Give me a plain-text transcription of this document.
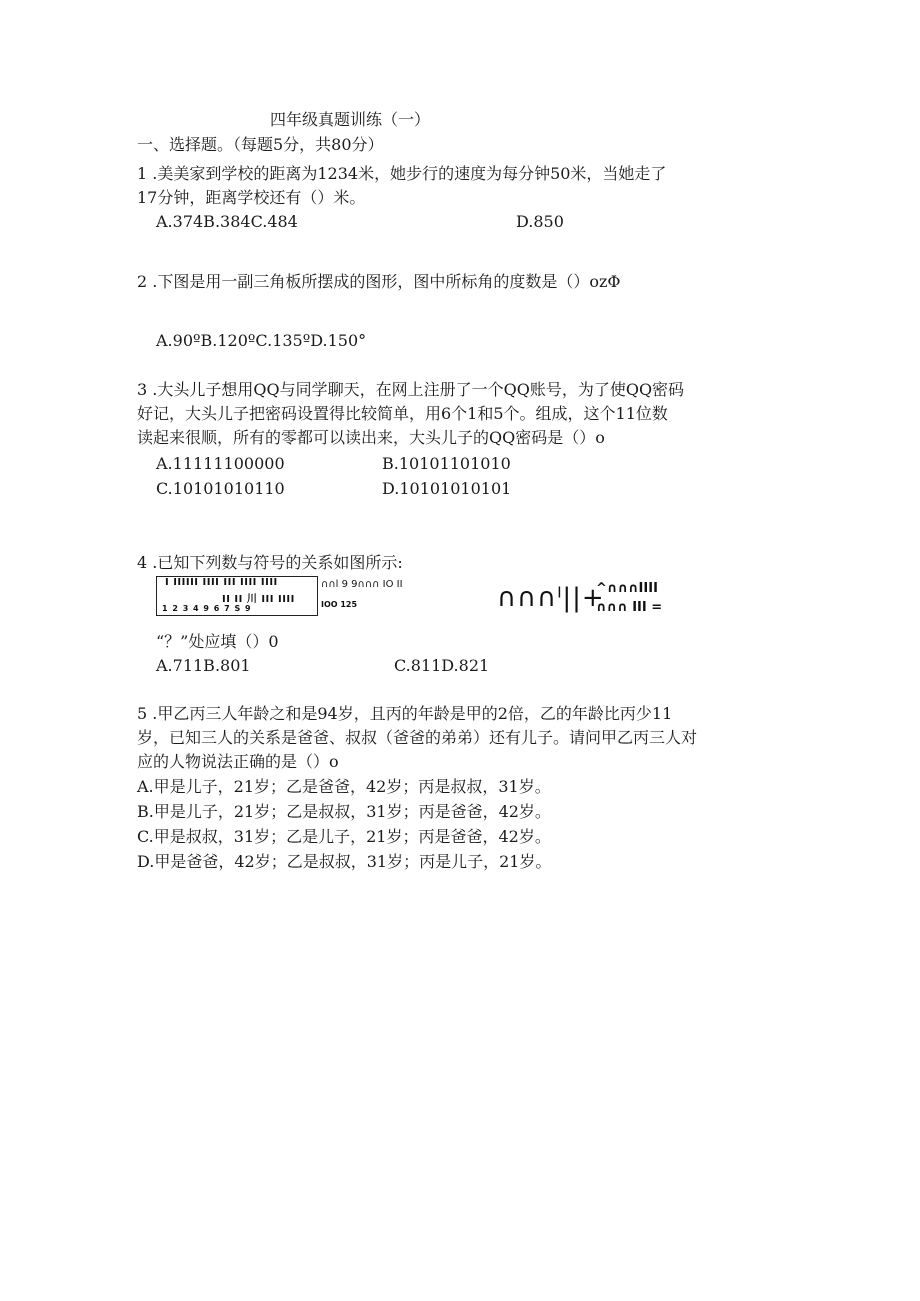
四年级真题训练（一）
一、选择题。（每题5分，共80分）
1 .美美家到学校的距离为1234米，她步行的速度为每分钟50米，当她走了
17分钟，距离学校还有（）米。
A.374B.384C.484	D.850
2 .下图是用一副三角板所摆成的图形，图中所标角的度数是（）ozΦ
A.90ºB.120ºC.135ºD.150°
3 .大头儿子想用QQ与同学聊天，在网上注册了一个QQ账号，为了使QQ密码
好记，大头儿子把密码设置得比较简单，用6个1和5个。组成，这个11位数
读起来很顺，所有的零都可以读出来，大头儿子的QQ密码是（）o
A.11111100000	B.10101101010
C.10101010110	D.10101010101
4 .已知下列数与符号的关系如图所示:
I IIIIII IIII III IIII IIII
II II 川 III IIII
1 2 3 4 9 6 7 S 9
∩∩l 9 9∩∩∩ IO II
IOO 125	∩∩∩ˡ||+
^∩∩∩IIII
∩∩∩ III =
“？”处应填（）0
A.711B.801	C.811D.821
5 .甲乙丙三人年龄之和是94岁，且丙的年龄是甲的2倍，乙的年龄比丙少11
岁，已知三人的关系是爸爸、叔叔（爸爸的弟弟）还有儿子。请问甲乙丙三人对
应的人物说法正确的是（）o
A.甲是儿子，21岁；乙是爸爸，42岁；丙是叔叔，31岁。
B.甲是儿子，21岁；乙是叔叔，31岁；丙是爸爸，42岁。
C.甲是叔叔，31岁；乙是儿子，21岁；丙是爸爸，42岁。
D.甲是爸爸，42岁；乙是叔叔，31岁；丙是儿子，21岁。
